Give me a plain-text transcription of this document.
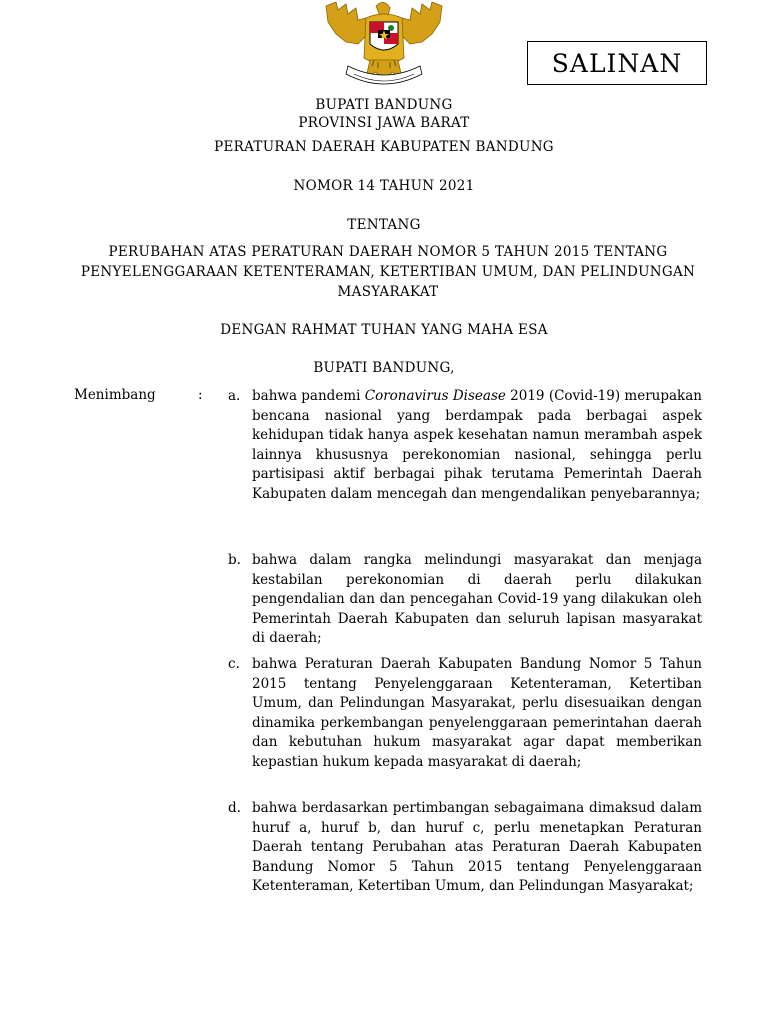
SALINAN
BUPATI BANDUNG
PROVINSI JAWA BARAT
PERATURAN DAERAH KABUPATEN BANDUNG
NOMOR 14 TAHUN 2021
TENTANG
PERUBAHAN ATAS PERATURAN DAERAH NOMOR 5 TAHUN 2015 TENTANG PENYELENGGARAAN KETENTERAMAN, KETERTIBAN UMUM, DAN PELINDUNGAN MASYARAKAT
DENGAN RAHMAT TUHAN YANG MAHA ESA
BUPATI BANDUNG,
Menimbang	: a. bahwa pandemi Coronavirus Disease 2019 (Covid-19) merupakan bencana nasional yang berdampak pada berbagai aspek kehidupan tidak hanya aspek kesehatan namun merambah aspek lainnya khususnya perekonomian nasional, sehingga perlu partisipasi aktif berbagai pihak terutama Pemerintah Daerah Kabupaten dalam mencegah dan mengendalikan penyebarannya;
b. bahwa dalam rangka melindungi masyarakat dan menjaga kestabilan perekonomian di daerah perlu dilakukan pengendalian dan dan pencegahan Covid-19 yang dilakukan oleh Pemerintah Daerah Kabupaten dan seluruh lapisan masyarakat di daerah;
c. bahwa Peraturan Daerah Kabupaten Bandung Nomor 5 Tahun 2015 tentang Penyelenggaraan Ketenteraman, Ketertiban Umum, dan Pelindungan Masyarakat, perlu disesuaikan dengan dinamika perkembangan penyelenggaraan pemerintahan daerah dan kebutuhan hukum masyarakat agar dapat memberikan kepastian hukum kepada masyarakat di daerah;
d. bahwa berdasarkan pertimbangan sebagaimana dimaksud dalam huruf a, huruf b, dan huruf c, perlu menetapkan Peraturan Daerah tentang Perubahan atas Peraturan Daerah Kabupaten Bandung Nomor 5 Tahun 2015 tentang Penyelenggaraan Ketenteraman, Ketertiban Umum, dan Pelindungan Masyarakat;
